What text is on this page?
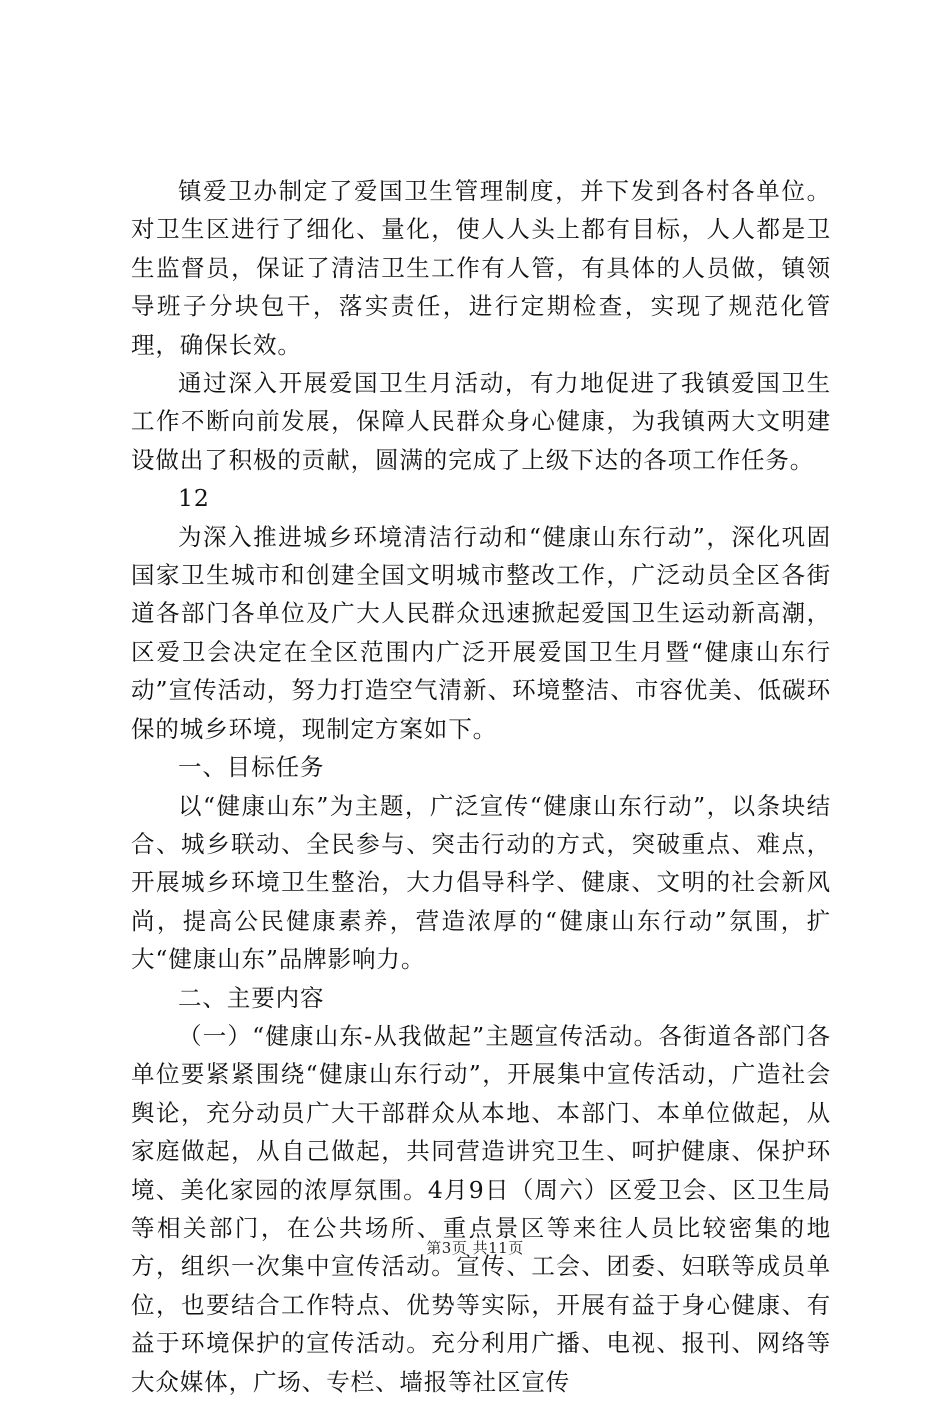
镇爱卫办制定了爱国卫生管理制度，并下发到各村各单位。对卫生区进行了细化、量化，使人人头上都有目标，人人都是卫生监督员，保证了清洁卫生工作有人管，有具体的人员做，镇领导班子分块包干，落实责任，进行定期检查，实现了规范化管理，确保长效。

通过深入开展爱国卫生月活动，有力地促进了我镇爱国卫生工作不断向前发展，保障人民群众身心健康，为我镇两大文明建设做出了积极的贡献，圆满的完成了上级下达的各项工作任务。

12

为深入推进城乡环境清洁行动和“健康山东行动”，深化巩固国家卫生城市和创建全国文明城市整改工作，广泛动员全区各街道各部门各单位及广大人民群众迅速掀起爱国卫生运动新高潮，区爱卫会决定在全区范围内广泛开展爱国卫生月暨“健康山东行动”宣传活动，努力打造空气清新、环境整洁、市容优美、低碳环保的城乡环境，现制定方案如下。

一、目标任务

以“健康山东”为主题，广泛宣传“健康山东行动”，以条块结合、城乡联动、全民参与、突击行动的方式，突破重点、难点，开展城乡环境卫生整治，大力倡导科学、健康、文明的社会新风尚，提高公民健康素养，营造浓厚的“健康山东行动”氛围，扩大“健康山东”品牌影响力。

二、主要内容

（一）“健康山东-从我做起”主题宣传活动。各街道各部门各单位要紧紧围绕“健康山东行动”，开展集中宣传活动，广造社会舆论，充分动员广大干部群众从本地、本部门、本单位做起，从家庭做起，从自己做起，共同营造讲究卫生、呵护健康、保护环境、美化家园的浓厚氛围。4月9日（周六）区爱卫会、区卫生局等相关部门，在公共场所、重点景区等来往人员比较密集的地方，组织一次集中宣传活动。宣传、工会、团委、妇联等成员单位，也要结合工作特点、优势等实际，开展有益于身心健康、有益于环境保护的宣传活动。充分利用广播、电视、报刊、网络等大众媒体，广场、专栏、墙报等社区宣传

第3页 共11页
